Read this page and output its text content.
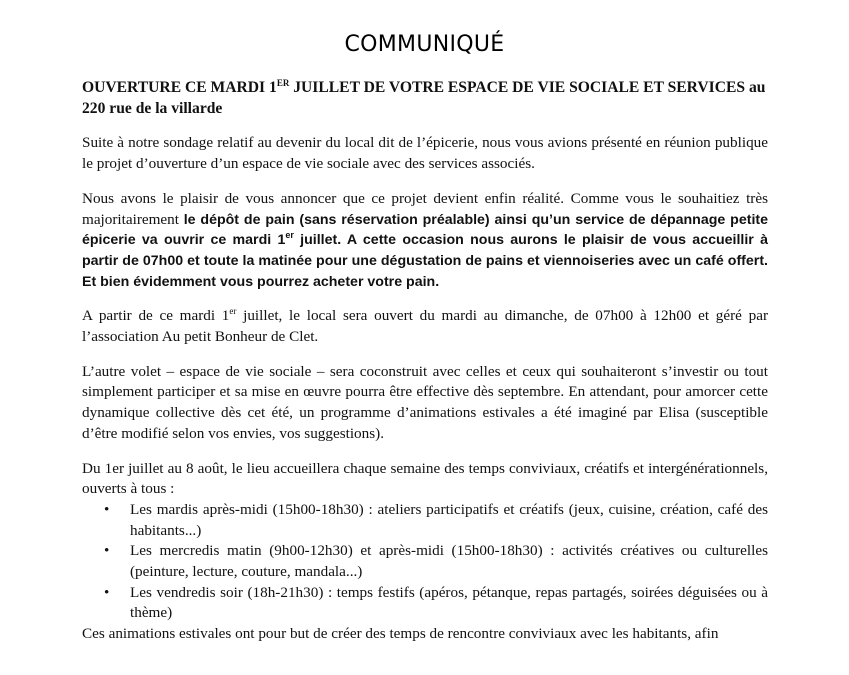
COMMUNIQUÉ
OUVERTURE CE MARDI 1ER JUILLET DE VOTRE ESPACE DE VIE SOCIALE ET SERVICES au 220 rue de la villarde

Suite à notre sondage relatif au devenir du local dit de l’épicerie, nous vous avions présenté en réunion publique le projet d’ouverture d’un espace de vie sociale avec des services associés.

Nous avons le plaisir de vous annoncer que ce projet devient enfin réalité. Comme vous le souhaitiez très majoritairement le dépôt de pain (sans réservation préalable) ainsi qu’un service de dépannage petite épicerie va ouvrir ce mardi 1er juillet. A cette occasion nous aurons le plaisir de vous accueillir à partir de 07h00 et toute la matinée pour une dégustation de pains et viennoiseries avec un café offert. Et bien évidemment vous pourrez acheter votre pain.

A partir de ce mardi 1er juillet, le local sera ouvert du mardi au dimanche, de 07h00 à 12h00 et géré par l’association Au petit Bonheur de Clet.

L’autre volet – espace de vie sociale – sera coconstruit avec celles et ceux qui souhaiteront s’investir ou tout simplement participer et sa mise en œuvre pourra être effective dès septembre. En attendant, pour amorcer cette dynamique collective dès cet été, un programme d’animations estivales a été imaginé par Elisa (susceptible d’être modifié selon vos envies, vos suggestions).

Du 1er juillet au 8 août, le lieu accueillera chaque semaine des temps conviviaux, créatifs et intergénérationnels, ouverts à tous :

• Les mardis après-midi (15h00-18h30) : ateliers participatifs et créatifs (jeux, cuisine, création, café des habitants...)
• Les mercredis matin (9h00-12h30) et après-midi (15h00-18h30) : activités créatives ou culturelles (peinture, lecture, couture, mandala...)
• Les vendredis soir (18h-21h30) : temps festifs (apéros, pétanque, repas partagés, soirées déguisées ou à thème)

Ces animations estivales ont pour but de créer des temps de rencontre conviviaux avec les habitants, afin
